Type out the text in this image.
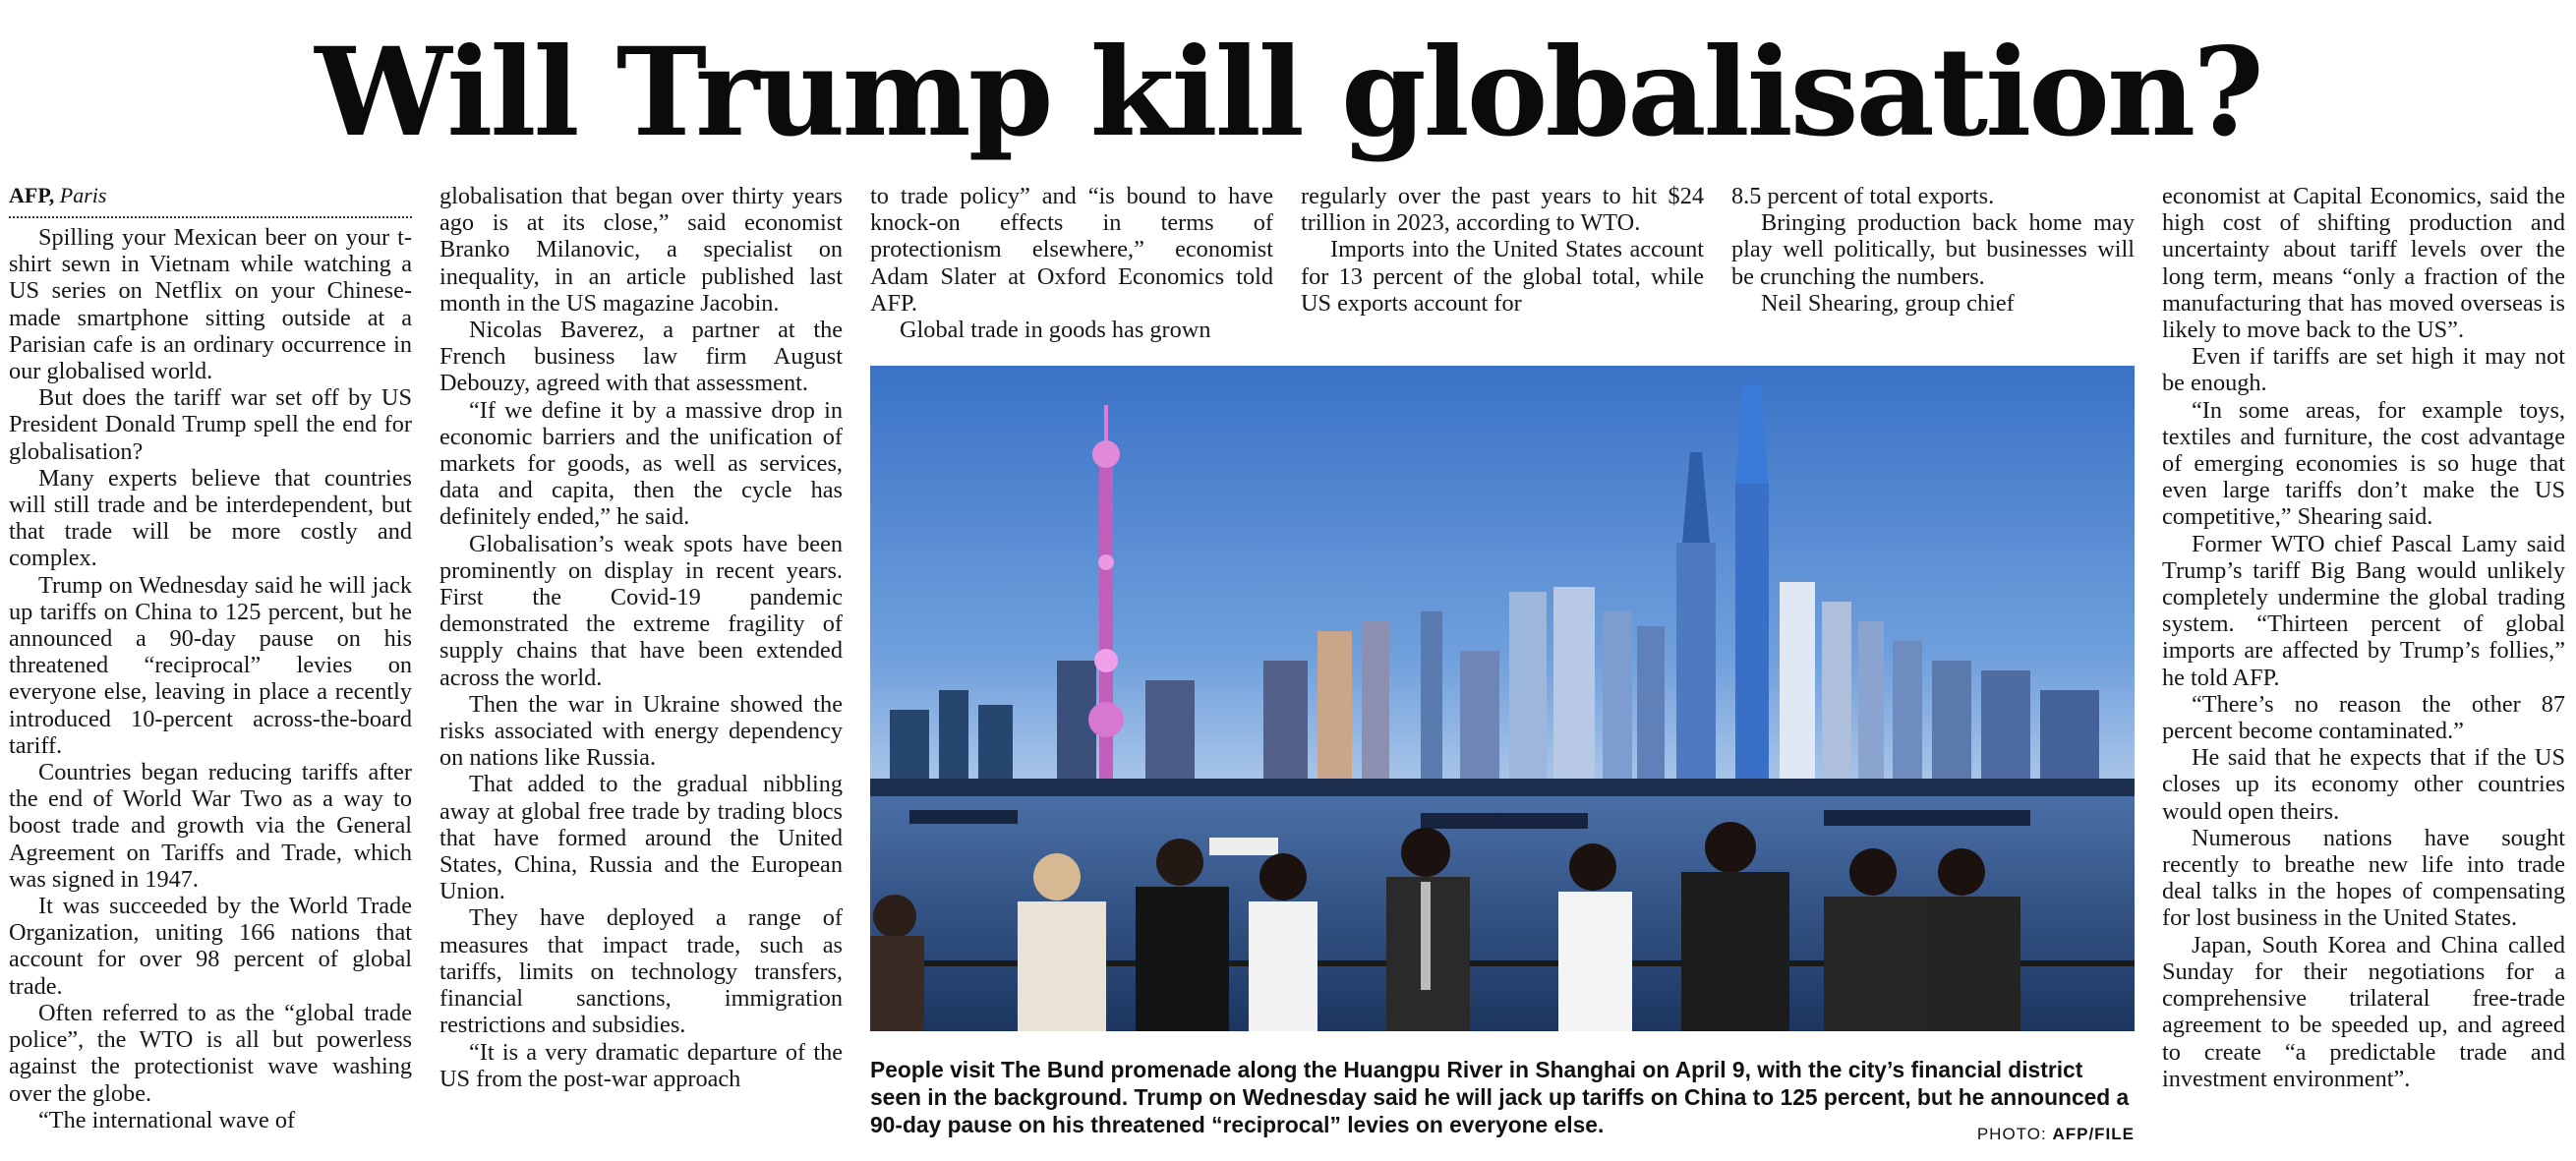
Will Trump kill globalisation?
AFP, Paris

Spilling your Mexican beer on your t-shirt sewn in Vietnam while watching a US series on Netflix on your Chinese-made smartphone sitting outside at a Parisian cafe is an ordinary occurrence in our globalised world.

But does the tariff war set off by US President Donald Trump spell the end for globalisation?

Many experts believe that countries will still trade and be interdependent, but that trade will be more costly and complex.

Trump on Wednesday said he will jack up tariffs on China to 125 percent, but he announced a 90-day pause on his threatened “reciprocal” levies on everyone else, leaving in place a recently introduced 10-percent across-the-board tariff.

Countries began reducing tariffs after the end of World War Two as a way to boost trade and growth via the General Agreement on Tariffs and Trade, which was signed in 1947.

It was succeeded by the World Trade Organization, uniting 166 nations that account for over 98 percent of global trade.

Often referred to as the “global trade police”, the WTO is all but powerless against the protectionist wave washing over the globe.

“The international wave of

globalisation that began over thirty years ago is at its close,” said economist Branko Milanovic, a specialist on inequality, in an article published last month in the US magazine Jacobin.

Nicolas Baverez, a partner at the French business law firm August Debouzy, agreed with that assessment.

“If we define it by a massive drop in economic barriers and the unification of markets for goods, as well as services, data and capita, then the cycle has definitely ended,” he said.

Globalisation’s weak spots have been prominently on display in recent years. First the Covid-19 pandemic demonstrated the extreme fragility of supply chains that have been extended across the world.

Then the war in Ukraine showed the risks associated with energy dependency on nations like Russia.

That added to the gradual nibbling away at global free trade by trading blocs that have formed around the United States, China, Russia and the European Union.

They have deployed a range of measures that impact trade, such as tariffs, limits on technology transfers, financial sanctions, immigration restrictions and subsidies.

“It is a very dramatic departure of the US from the post-war approach

to trade policy” and “is bound to have knock-on effects in terms of protectionism elsewhere,” economist Adam Slater at Oxford Economics told AFP.

Global trade in goods has grown

regularly over the past years to hit $24 trillion in 2023, according to WTO.

Imports into the United States account for 13 percent of the global total, while US exports account for

8.5 percent of total exports.

Bringing production back home may play well politically, but businesses will be crunching the numbers.

Neil Shearing, group chief

economist at Capital Economics, said the high cost of shifting production and uncertainty about tariff levels over the long term, means “only a fraction of the manufacturing that has moved overseas is likely to move back to the US”.

Even if tariffs are set high it may not be enough.

“In some areas, for example toys, textiles and furniture, the cost advantage of emerging economies is so huge that even large tariffs don’t make the US competitive,” Shearing said.

Former WTO chief Pascal Lamy said Trump’s tariff Big Bang would unlikely completely undermine the global trading system. “Thirteen percent of global imports are affected by Trump’s follies,” he told AFP.

“There’s no reason the other 87 percent become contaminated.”

He said that he expects that if the US closes up its economy other countries would open theirs.

Numerous nations have sought recently to breathe new life into trade deal talks in the hopes of compensating for lost business in the United States.

Japan, South Korea and China called Sunday for their negotiations for a comprehensive trilateral free-trade agreement to be speeded up, and agreed to create “a predictable trade and investment environment”.

People visit The Bund promenade along the Huangpu River in Shanghai on April 9, with the city’s financial district seen in the background. Trump on Wednesday said he will jack up tariffs on China to 125 percent, but he announced a 90-day pause on his threatened “reciprocal” levies on everyone else.	PHOTO: AFP/FILE
